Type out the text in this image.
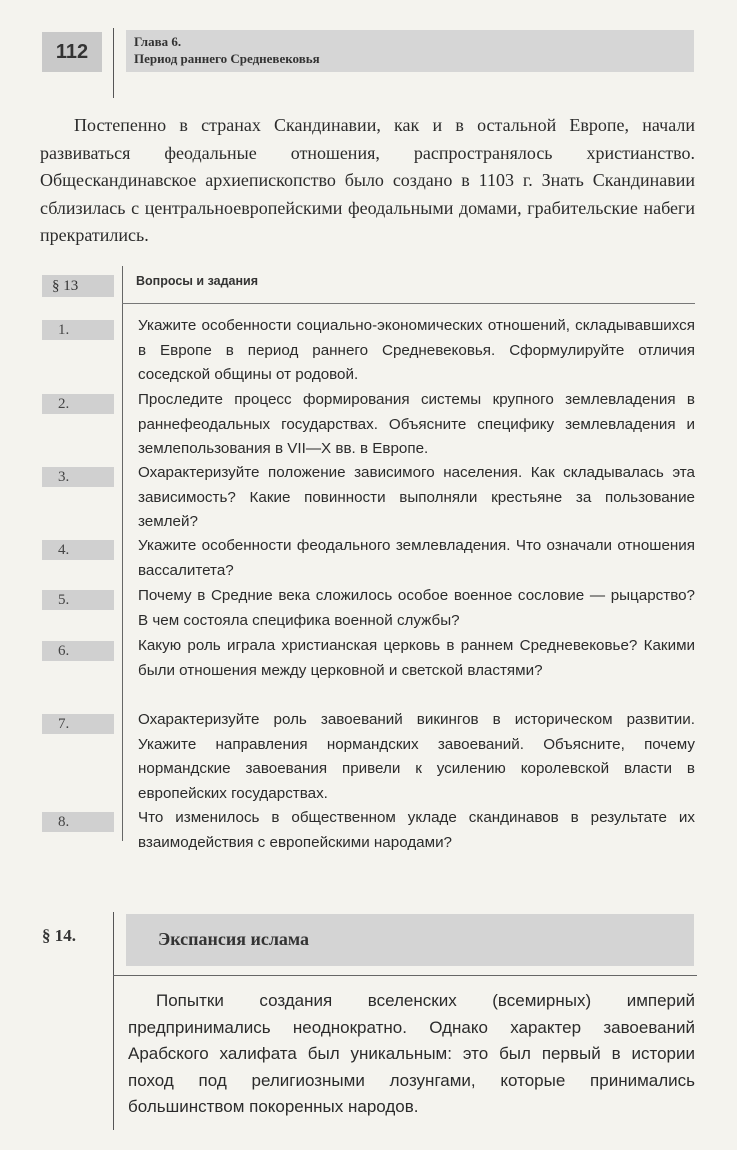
112	Глава 6.
Период раннего Средневековья

Постепенно в странах Скандинавии, как и в остальной Европе, начали развиваться феодальные отношения, распространялось христианство. Общескандинавское архиепископство было создано в 1103 г. Знать Скандинавии сблизилась с центральноевропейскими феодальными домами, грабительские набеги прекратились.

§ 13	Вопросы и задания
1.	Укажите особенности социально-экономических отношений, складывавшихся в Европе в период раннего Средневековья. Сформулируйте отличия соседской общины от родовой.

2.	Проследите процесс формирования системы крупного землевладения в раннефеодальных государствах. Объясните специфику землевладения и землепользования в VII—X вв. в Европе.

3.	Охарактеризуйте положение зависимого населения. Как складывалась эта зависимость? Какие повинности выполняли крестьяне за пользование землей?

4.	Укажите особенности феодального землевладения. Что означали отношения вассалитета?

5.	Почему в Средние века сложилось особое военное сословие — рыцарство? В чем состояла специфика военной службы?

6.	Какую роль играла христианская церковь в раннем Средневековье? Какими были отношения между церковной и светской властями?

7.	Охарактеризуйте роль завоеваний викингов в историческом развитии. Укажите направления нормандских завоеваний. Объясните, почему нормандские завоевания привели к усилению королевской власти в европейских государствах.

8.	Что изменилось в общественном укладе скандинавов в результате их взаимодействия с европейскими народами?

§ 14.	Экспансия ислама

Попытки создания вселенских (всемирных) империй предпринимались неоднократно. Однако характер завоеваний Арабского халифата был уникальным: это был первый в истории поход под религиозными лозунгами, которые принимались большинством покоренных народов.
